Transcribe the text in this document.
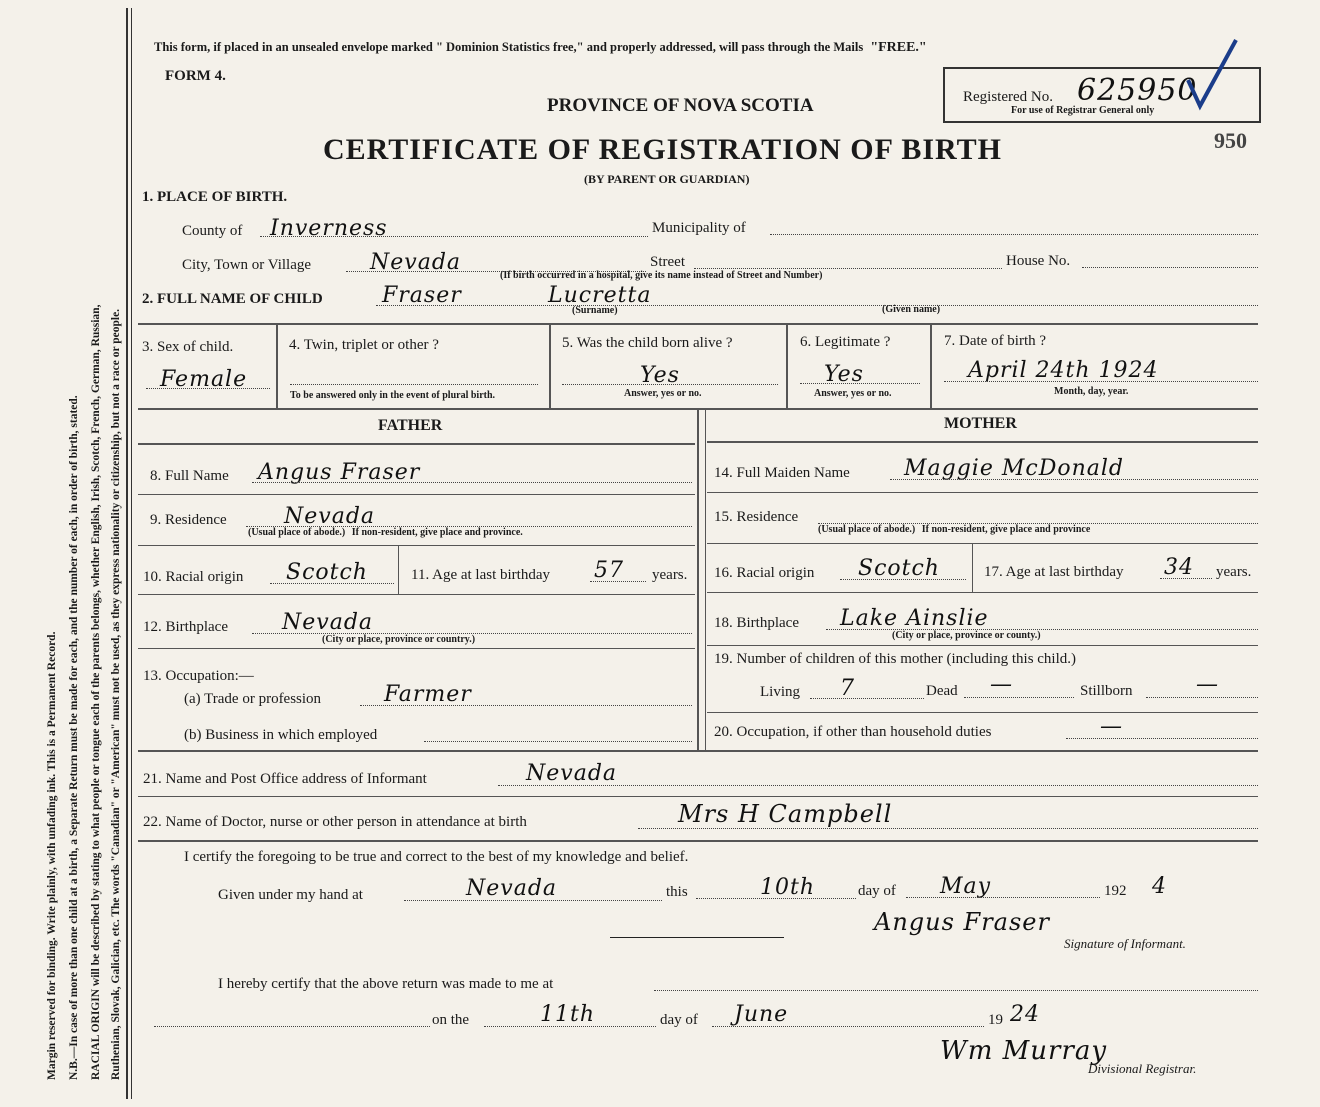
Margin reserved for binding. Write plainly, with unfading ink. This is a Permanent Record. N.B.—In case of more than one child at a birth, a Separate Return must be made for each, and the number of each, in order of birth, stated. RACIAL ORIGIN will be described by stating to what people or tongue each of the parents belongs, whether English, Irish, Scotch, French, German, Russian, Ruthenian, Slovak, Galician, etc. The words "Canadian" or "American" must not be used, as they express nationality or citizenship, but not a race or people.
This form, if placed in an unsealed envelope marked " Dominion Statistics free," and properly addressed, will pass through the Mails "FREE."
FORM 4.
PROVINCE OF NOVA SCOTIA
CERTIFICATE OF REGISTRATION OF BIRTH
(BY PARENT OR GUARDIAN)
Registered No. 625950
For use of Registrar General only
950
1. PLACE OF BIRTH.
County of Inverness	Municipality of
City, Town or Village	Nevada	Street	House No.
(If birth occurred in a hospital, give its name instead of Street and Number)
2. FULL NAME OF CHILD	Fraser	Lucretta
(Surname)	(Given name)
3. Sex of child.
Female
4. Twin, triplet or other ?
To be answered only in the event of plural birth.
5. Was the child born alive ?
Yes
Answer, yes or no.
6. Legitimate ?
Yes
Answer, yes or no.
7. Date of birth ?
April 24th 1924
Month, day, year.
FATHER	MOTHER
8. Full Name Angus Fraser
9. Residence	Nevada
(Usual place of abode.) If non-resident, give place and province.
10. Racial origin Scotch	11. Age at last birthday 57 years.
12. Birthplace Nevada
(City or place, province or country.)
13. Occupation:—
(a) Trade or profession	Farmer
(b) Business in which employed
14. Full Maiden Name Maggie McDonald
15. Residence
(Usual place of abode.) If non-resident, give place and province
16. Racial origin Scotch	17. Age at last birthday 34 years.
18. Birthplace Lake Ainslie
(City or place, province or county.)
19. Number of children of this mother (including this child.)
Living 7	Dead —	Stillborn	—
20. Occupation, if other than household duties	—
21. Name and Post Office address of Informant	Nevada
22. Name of Doctor, nurse or other person in attendance at birth	Mrs H Campbell
I certify the foregoing to be true and correct to the best of my knowledge and belief.
Given under my hand at	Nevada	this	10th	day of May	192 4
Angus Fraser
Signature of Informant.
I hereby certify that the above return was made to me at
on the	11th	day of June	19 24
Wm Murray
Divisional Registrar.
